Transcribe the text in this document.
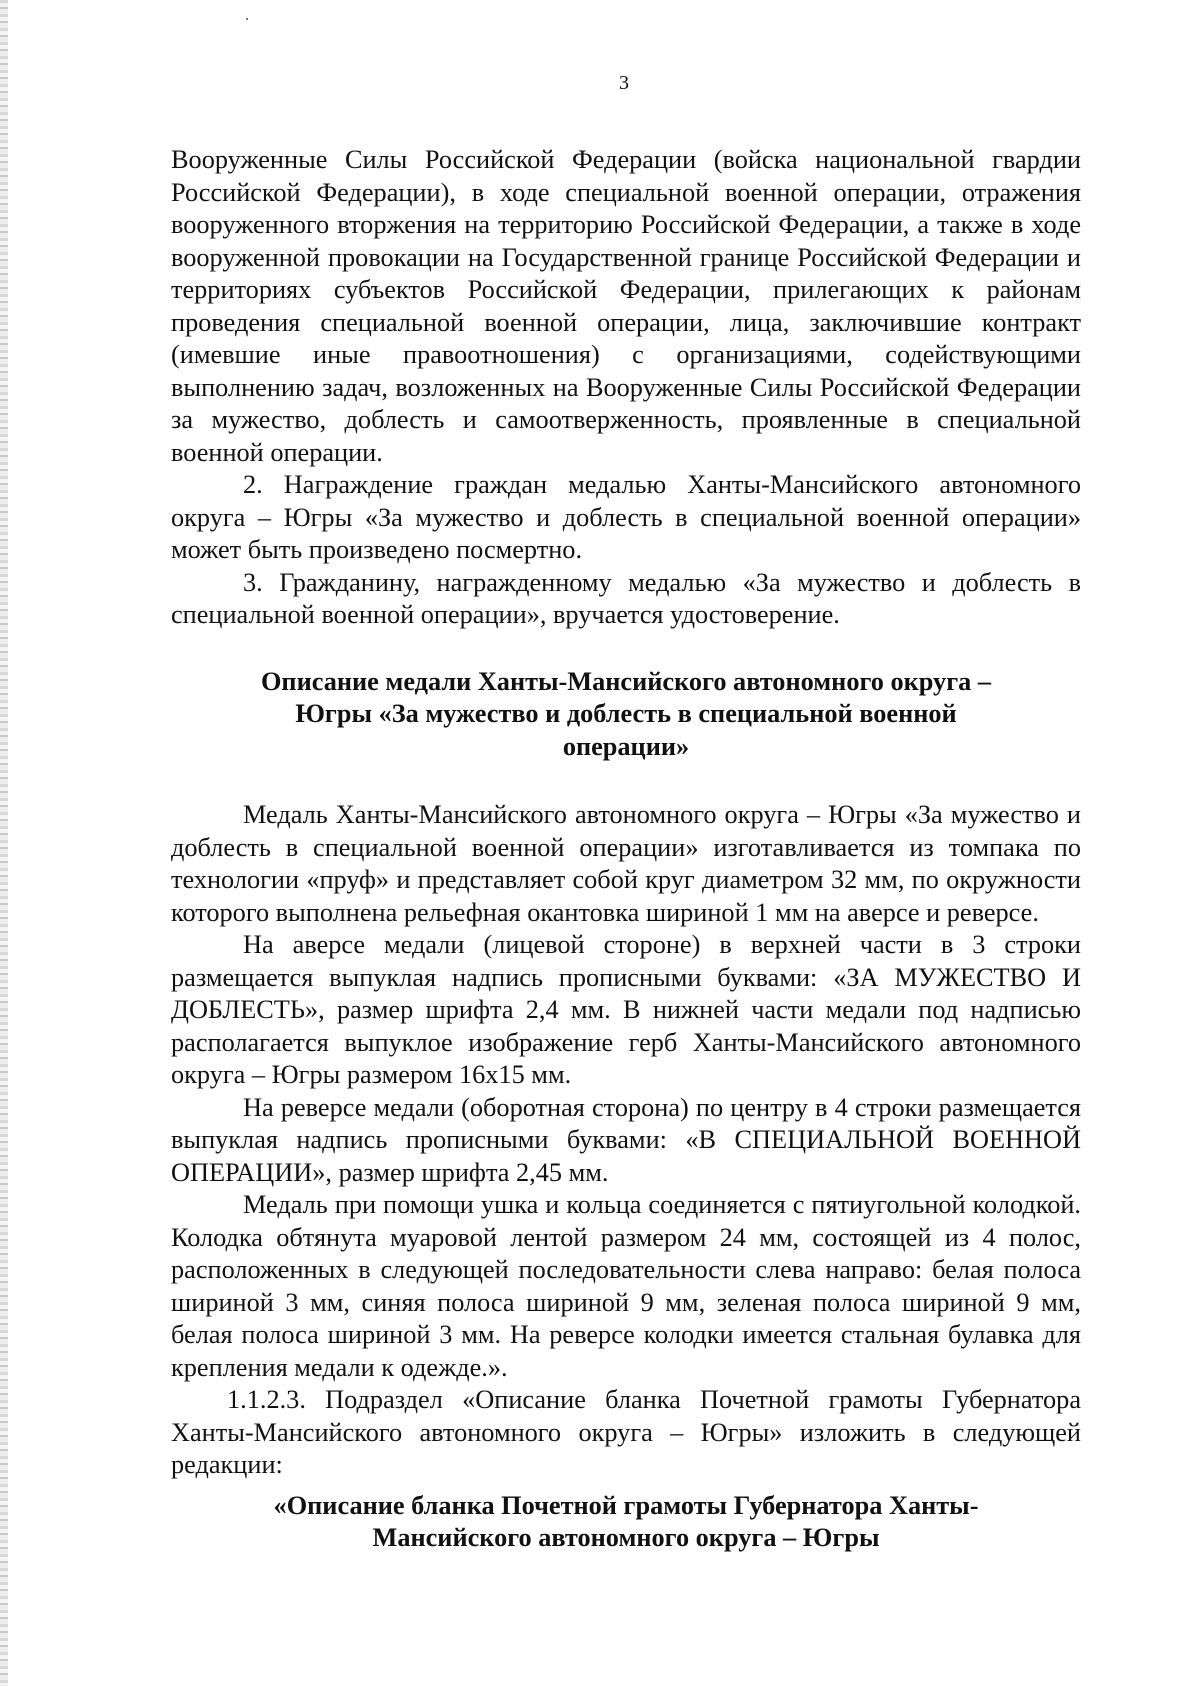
3

Вооруженные Силы Российской Федерации (войска национальной гвардии Российской Федерации), в ходе специальной военной операции, отражения вооруженного вторжения на территорию Российской Федерации, а также в ходе вооруженной провокации на Государственной границе Российской Федерации и территориях субъектов Российской Федерации, прилегающих к районам проведения специальной военной операции, лица, заключившие контракт (имевшие иные правоотношения) с организациями, содействующими выполнению задач, возложенных на Вооруженные Силы Российской Федерации за мужество, доблесть и самоотверженность, проявленные в специальной военной операции.

2. Награждение граждан медалью Ханты-Мансийского автономного округа – Югры «За мужество и доблесть в специальной военной операции» может быть произведено посмертно.

3. Гражданину, награжденному медалью «За мужество и доблесть в специальной военной операции», вручается удостоверение.

Описание медали Ханты-Мансийского автономного округа – Югры «За мужество и доблесть в специальной военной операции»

Медаль Ханты-Мансийского автономного округа – Югры «За мужество и доблесть в специальной военной операции» изготавливается из томпака по технологии «пруф» и представляет собой круг диаметром 32 мм, по окружности которого выполнена рельефная окантовка шириной 1 мм на аверсе и реверсе.

На аверсе медали (лицевой стороне) в верхней части в 3 строки размещается выпуклая надпись прописными буквами: «ЗА МУЖЕСТВО И ДОБЛЕСТЬ», размер шрифта 2,4 мм. В нижней части медали под надписью располагается выпуклое изображение герб Ханты-Мансийского автономного округа – Югры размером 16х15 мм.

На реверсе медали (оборотная сторона) по центру в 4 строки размещается выпуклая надпись прописными буквами: «В СПЕЦИАЛЬНОЙ ВОЕННОЙ ОПЕРАЦИИ», размер шрифта 2,45 мм.

Медаль при помощи ушка и кольца соединяется с пятиугольной колодкой. Колодка обтянута муаровой лентой размером 24 мм, состоящей из 4 полос, расположенных в следующей последовательности слева направо: белая полоса шириной 3 мм, синяя полоса шириной 9 мм, зеленая полоса шириной 9 мм, белая полоса шириной 3 мм. На реверсе колодки имеется стальная булавка для крепления медали к одежде.».

1.1.2.3. Подраздел «Описание бланка Почетной грамоты Губернатора Ханты-Мансийского автономного округа – Югры» изложить в следующей редакции:

«Описание бланка Почетной грамоты Губернатора Ханты-Мансийского автономного округа – Югры
